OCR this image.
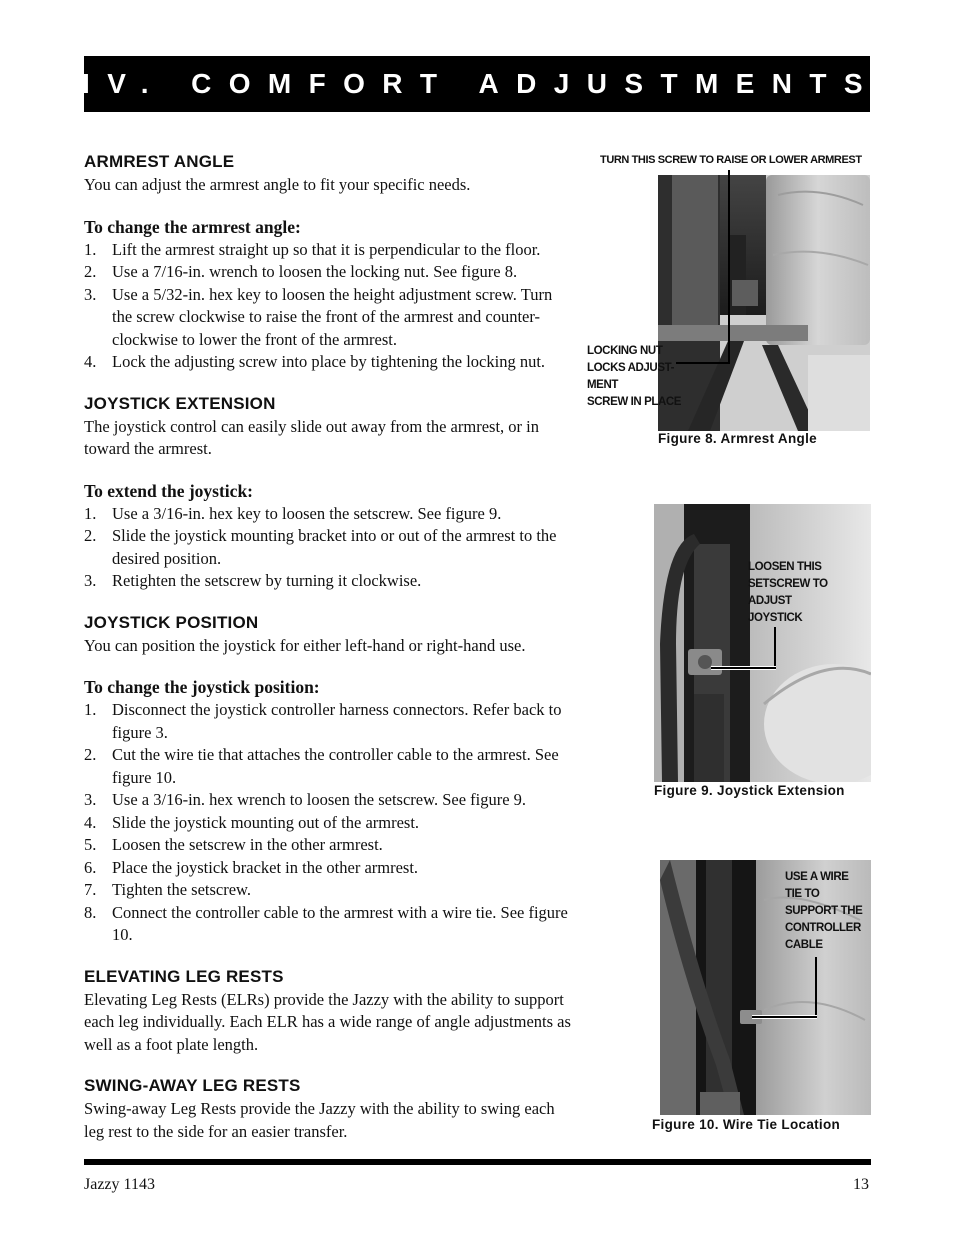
IV. COMFORT ADJUSTMENTS
ARMREST ANGLE

You can adjust the armrest angle to fit your specific needs.

To change the armrest angle:

1. Lift the armrest straight up so that it is perpendicular to the floor.
2. Use a 7/16-in. wrench to loosen the locking nut. See figure 8.
3. Use a 5/32-in. hex key to loosen the height adjustment screw. Turn the screw clockwise to raise the front of the armrest and counter-clockwise to lower the front of the armrest.
4. Lock the adjusting screw into place by tightening the locking nut.
JOYSTICK EXTENSION

The joystick control can easily slide out away from the armrest, or in toward the armrest.

To extend the joystick:

1. Use a 3/16-in. hex key to loosen the setscrew. See figure 9.
2. Slide the joystick mounting bracket into or out of the armrest to the desired position.
3. Retighten the setscrew by turning it clockwise.
JOYSTICK POSITION

You can position the joystick for either left-hand or right-hand use.

To change the joystick position:

1. Disconnect the joystick controller harness connectors. Refer back to figure 3.
2. Cut the wire tie that attaches the controller cable to the armrest. See figure 10.
3. Use a 3/16-in. hex wrench to loosen the setscrew. See figure 9.
4. Slide the joystick mounting out of the armrest.
5. Loosen the setscrew in the other armrest.
6. Place the joystick bracket in the other armrest.
7. Tighten the setscrew.
8. Connect the controller cable to the armrest with a wire tie. See figure 10.
ELEVATING LEG RESTS

Elevating Leg Rests (ELRs) provide the Jazzy with the ability to support each leg individually. Each ELR has a wide range of angle adjustments as well as a foot plate length.

SWING-AWAY LEG RESTS

Swing-away Leg Rests provide the Jazzy with the ability to swing each leg rest to the side for an easier transfer.

TURN THIS SCREW TO RAISE OR LOWER ARMREST
LOCKING NUT
LOCKS ADJUST-
MENT
SCREW IN PLACE
Figure 8. Armrest Angle
LOOSEN THIS
SETSCREW TO
ADJUST
JOYSTICK
Figure 9. Joystick Extension
USE A WIRE
TIE TO
SUPPORT THE
CONTROLLER
CABLE
Figure 10. Wire Tie Location
Jazzy 1143	13
